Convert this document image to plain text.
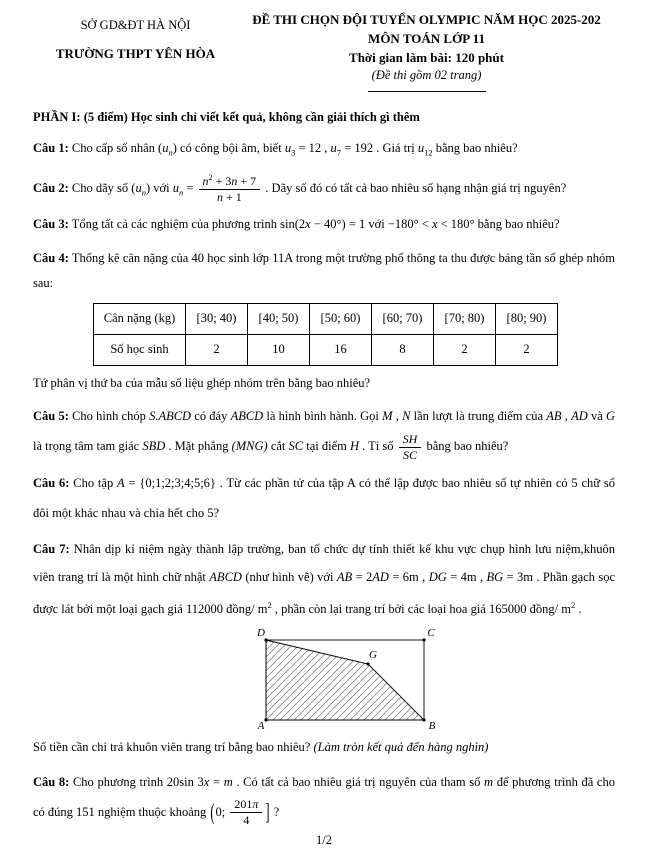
SỞ GD&ĐT HÀ NỘI
TRƯỜNG THPT YÊN HÒA
ĐỀ THI CHỌN ĐỘI TUYỂN OLYMPIC NĂM HỌC 2025-202
MÔN TOÁN LỚP 11
Thời gian làm bài: 120 phút
(Đề thi gồm 02 trang)
PHẦN I: (5 điểm) Học sinh chỉ viết kết quả, không cần giải thích gì thêm
Câu 1: Cho cấp số nhân $(u_n)$ có công bội âm, biết $u_3 = 12$ , $u_7 = 192$ . Giá trị $u_{12}$ bằng bao nhiêu?
Câu 2: Cho dãy số $(u_n)$ với $u_n = \frac{n^2 + 3n + 7}{n + 1}$ . Dãy số đó có tất cả bao nhiêu số hạng nhận giá trị nguyên?
Câu 3: Tổng tất cả các nghiệm của phương trình sin(2x − 40°) = 1 với −180° < x < 180° bằng bao nhiêu?
Câu 4: Thống kê cân nặng của 40 học sinh lớp 11A trong một trường phổ thông ta thu được bảng tần số ghép nhóm sau:
Cân nặng (kg)	[30; 40)	[40; 50)	[50; 60)	[60; 70)	[70; 80)	[80; 90)
Số học sinh	2	10	16	8	2	2
Tứ phân vị thứ ba của mẫu số liệu ghép nhóm trên bằng bao nhiêu?
Câu 5: Cho hình chóp S.ABCD có đáy ABCD là hình bình hành. Gọi M , N lần lượt là trung điểm của AB , AD và G là trọng tâm tam giác SBD . Mặt phẳng (MNG) cắt SC tại điểm H . Tỉ số $\frac{SH}{SC}$ bằng bao nhiêu?
Câu 6: Cho tập A = {0;1;2;3;4;5;6} . Từ các phần tử của tập A có thể lập được bao nhiêu số tự nhiên có 5 chữ số đôi một khác nhau và chia hết cho 5?
Câu 7: Nhân dịp kỉ niệm ngày thành lập trường, ban tổ chức dự tính thiết kế khu vực chụp hình lưu niệm,khuôn viên trang trí là một hình chữ nhật ABCD (như hình vẽ) với AB = 2AD = 6m , DG = 4m , BG = 3m . Phần gạch sọc được lát bởi một loại gạch giá 112000 đồng/ $m^2$ , phần còn lại trang trí bởi các loại hoa giá 165000 đồng/ $m^2$ .
D	C
A	B
G
Số tiền cần chi trả khuôn viên trang trí bằng bao nhiêu? (Làm tròn kết quả đến hàng nghìn)
Câu 8: Cho phương trình 20sin 3x = m . Có tất cả bao nhiêu giá trị nguyên của tham số m để phương trình đã cho có đúng 151 nghiệm thuộc khoảng (0; $\frac{201\pi}{4}$ ] ?
1/2
